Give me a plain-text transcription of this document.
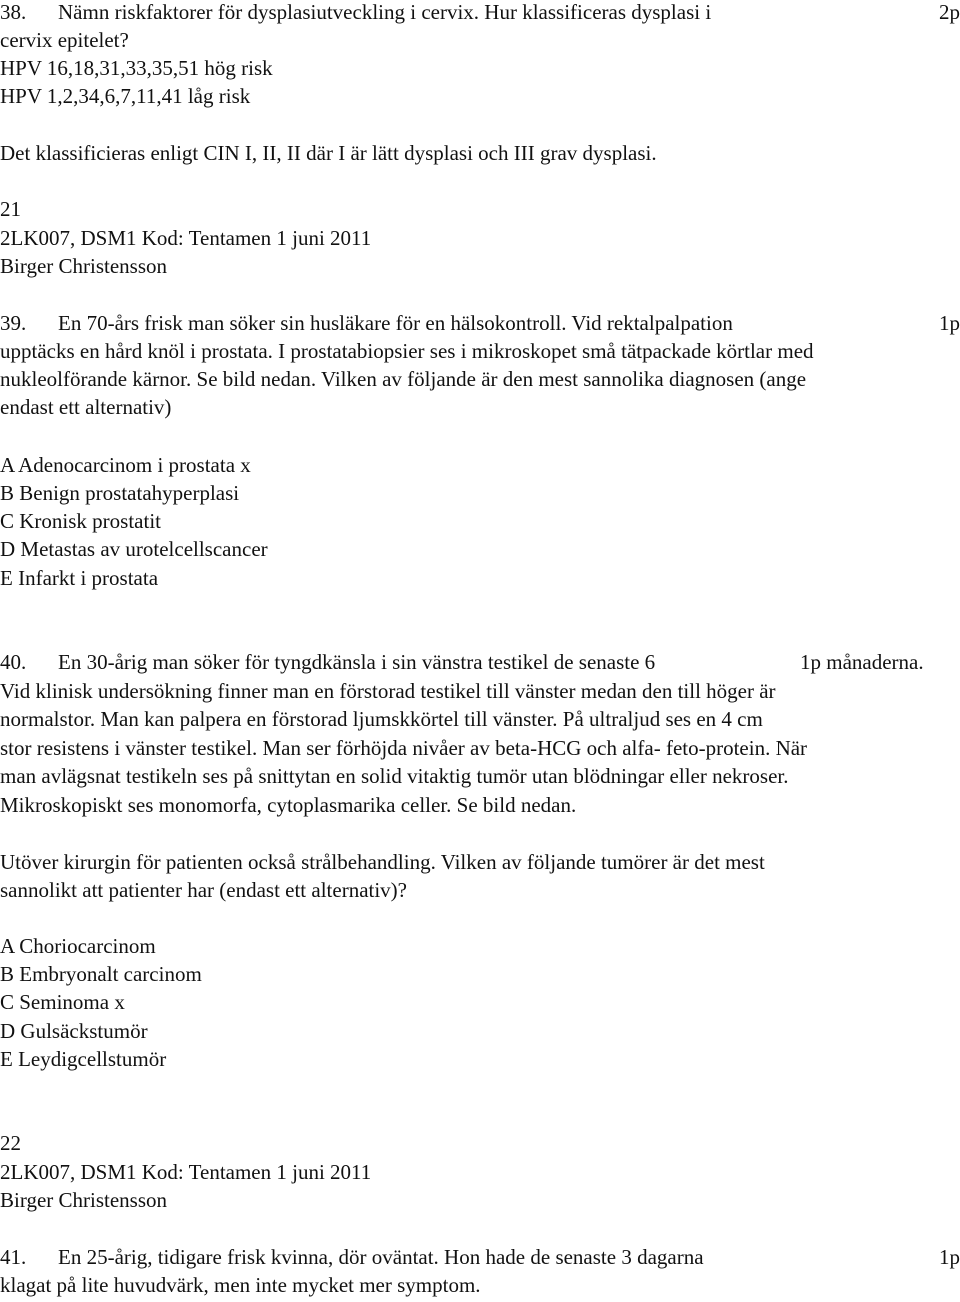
38. Nämn riskfaktorer för dysplasiutveckling i cervix. Hur klassificeras dysplasi i	2p
cervix epitelet?
HPV 16,18,31,33,35,51 hög risk
HPV 1,2,34,6,7,11,41 låg risk
Det klassificieras enligt CIN I, II, II där I är lätt dysplasi och III grav dysplasi.
21
2LK007, DSM1 Kod: Tentamen 1 juni 2011
Birger Christensson
39. En 70-års frisk man söker sin husläkare för en hälsokontroll. Vid rektalpalpation	1p
upptäcks en hård knöl i prostata. I prostatabiopsier ses i mikroskopet små tätpackade körtlar med
nukleolförande kärnor. Se bild nedan. Vilken av följande är den mest sannolika diagnosen (ange
endast ett alternativ)
A Adenocarcinom i prostata x
B Benign prostatahyperplasi
C Kronisk prostatit
D Metastas av urotelcellscancer
E Infarkt i prostata
40. En 30-årig man söker för tyngdkänsla i sin vänstra testikel de senaste 6	1p månaderna.
Vid klinisk undersökning finner man en förstorad testikel till vänster medan den till höger är
normalstor. Man kan palpera en förstorad ljumskkörtel till vänster. På ultraljud ses en 4 cm
stor resistens i vänster testikel. Man ser förhöjda nivåer av beta-HCG och alfa- feto-protein. När
man avlägsnat testikeln ses på snittytan en solid vitaktig tumör utan blödningar eller nekroser.
Mikroskopiskt ses monomorfa, cytoplasmarika celler. Se bild nedan.
Utöver kirurgin för patienten också strålbehandling. Vilken av följande tumörer är det mest
sannolikt att patienter har (endast ett alternativ)?
A Choriocarcinom
B Embryonalt carcinom
C Seminoma x
D Gulsäckstumör
E Leydigcellstumör
22
2LK007, DSM1 Kod: Tentamen 1 juni 2011
Birger Christensson
41. En 25-årig, tidigare frisk kvinna, dör oväntat. Hon hade de senaste 3 dagarna	1p
klagat på lite huvudvärk, men inte mycket mer symptom.
